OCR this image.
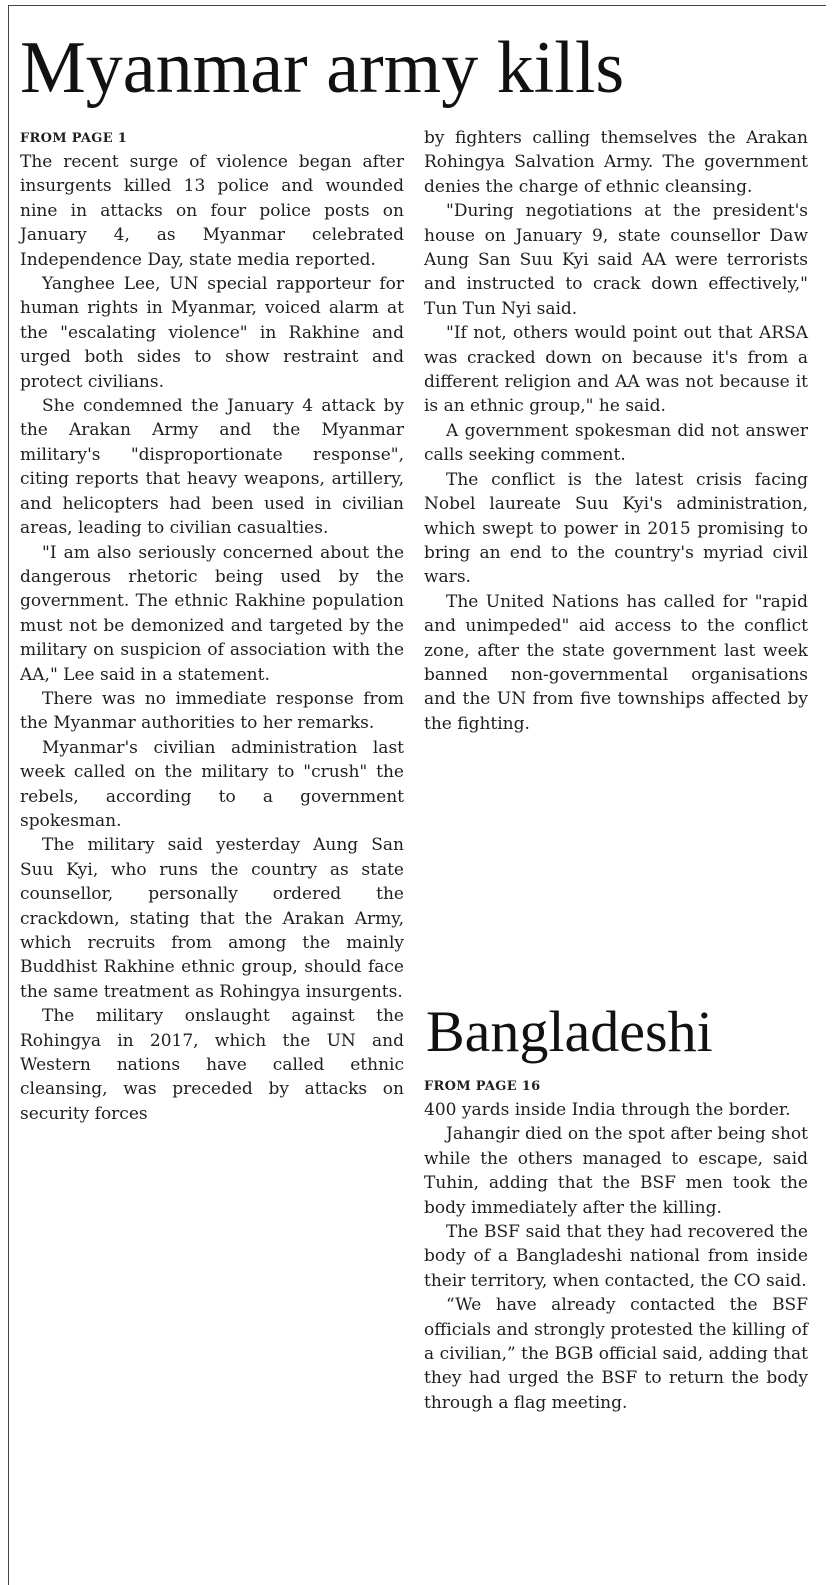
Myanmar army kills

FROM PAGE 1

The recent surge of violence began after insurgents killed 13 police and wounded nine in attacks on four police posts on January 4, as Myanmar celebrated Independence Day, state media reported.

Yanghee Lee, UN special rapporteur for human rights in Myanmar, voiced alarm at the "escalating violence" in Rakhine and urged both sides to show restraint and protect civilians.

She condemned the January 4 attack by the Arakan Army and the Myanmar military's "disproportionate response", citing reports that heavy weapons, artillery, and helicopters had been used in civilian areas, leading to civilian casualties.

"I am also seriously concerned about the dangerous rhetoric being used by the government. The ethnic Rakhine population must not be demonized and targeted by the military on suspicion of association with the AA," Lee said in a statement.

There was no immediate response from the Myanmar authorities to her remarks.

Myanmar's civilian administration last week called on the military to "crush" the rebels, according to a government spokesman.

The military said yesterday Aung San Suu Kyi, who runs the country as state counsellor, personally ordered the crackdown, stating that the Arakan Army, which recruits from among the mainly Buddhist Rakhine ethnic group, should face the same treatment as Rohingya insurgents.

The military onslaught against the Rohingya in 2017, which the UN and Western nations have called ethnic cleansing, was preceded by attacks on security forces

by fighters calling themselves the Arakan Rohingya Salvation Army. The government denies the charge of ethnic cleansing.

"During negotiations at the president's house on January 9, state counsellor Daw Aung San Suu Kyi said AA were terrorists and instructed to crack down effectively," Tun Tun Nyi said.

"If not, others would point out that ARSA was cracked down on because it's from a different religion and AA was not because it is an ethnic group," he said.

A government spokesman did not answer calls seeking comment.

The conflict is the latest crisis facing Nobel laureate Suu Kyi's administration, which swept to power in 2015 promising to bring an end to the country's myriad civil wars.

The United Nations has called for "rapid and unimpeded" aid access to the conflict zone, after the state government last week banned non-governmental organisations and the UN from five townships affected by the fighting.

Bangladeshi

FROM PAGE 16

400 yards inside India through the border.

Jahangir died on the spot after being shot while the others managed to escape, said Tuhin, adding that the BSF men took the body immediately after the killing.

The BSF said that they had recovered the body of a Bangladeshi national from inside their territory, when contacted, the CO said.

“We have already contacted the BSF officials and strongly protested the killing of a civilian,” the BGB official said, adding that they had urged the BSF to return the body through a flag meeting.
